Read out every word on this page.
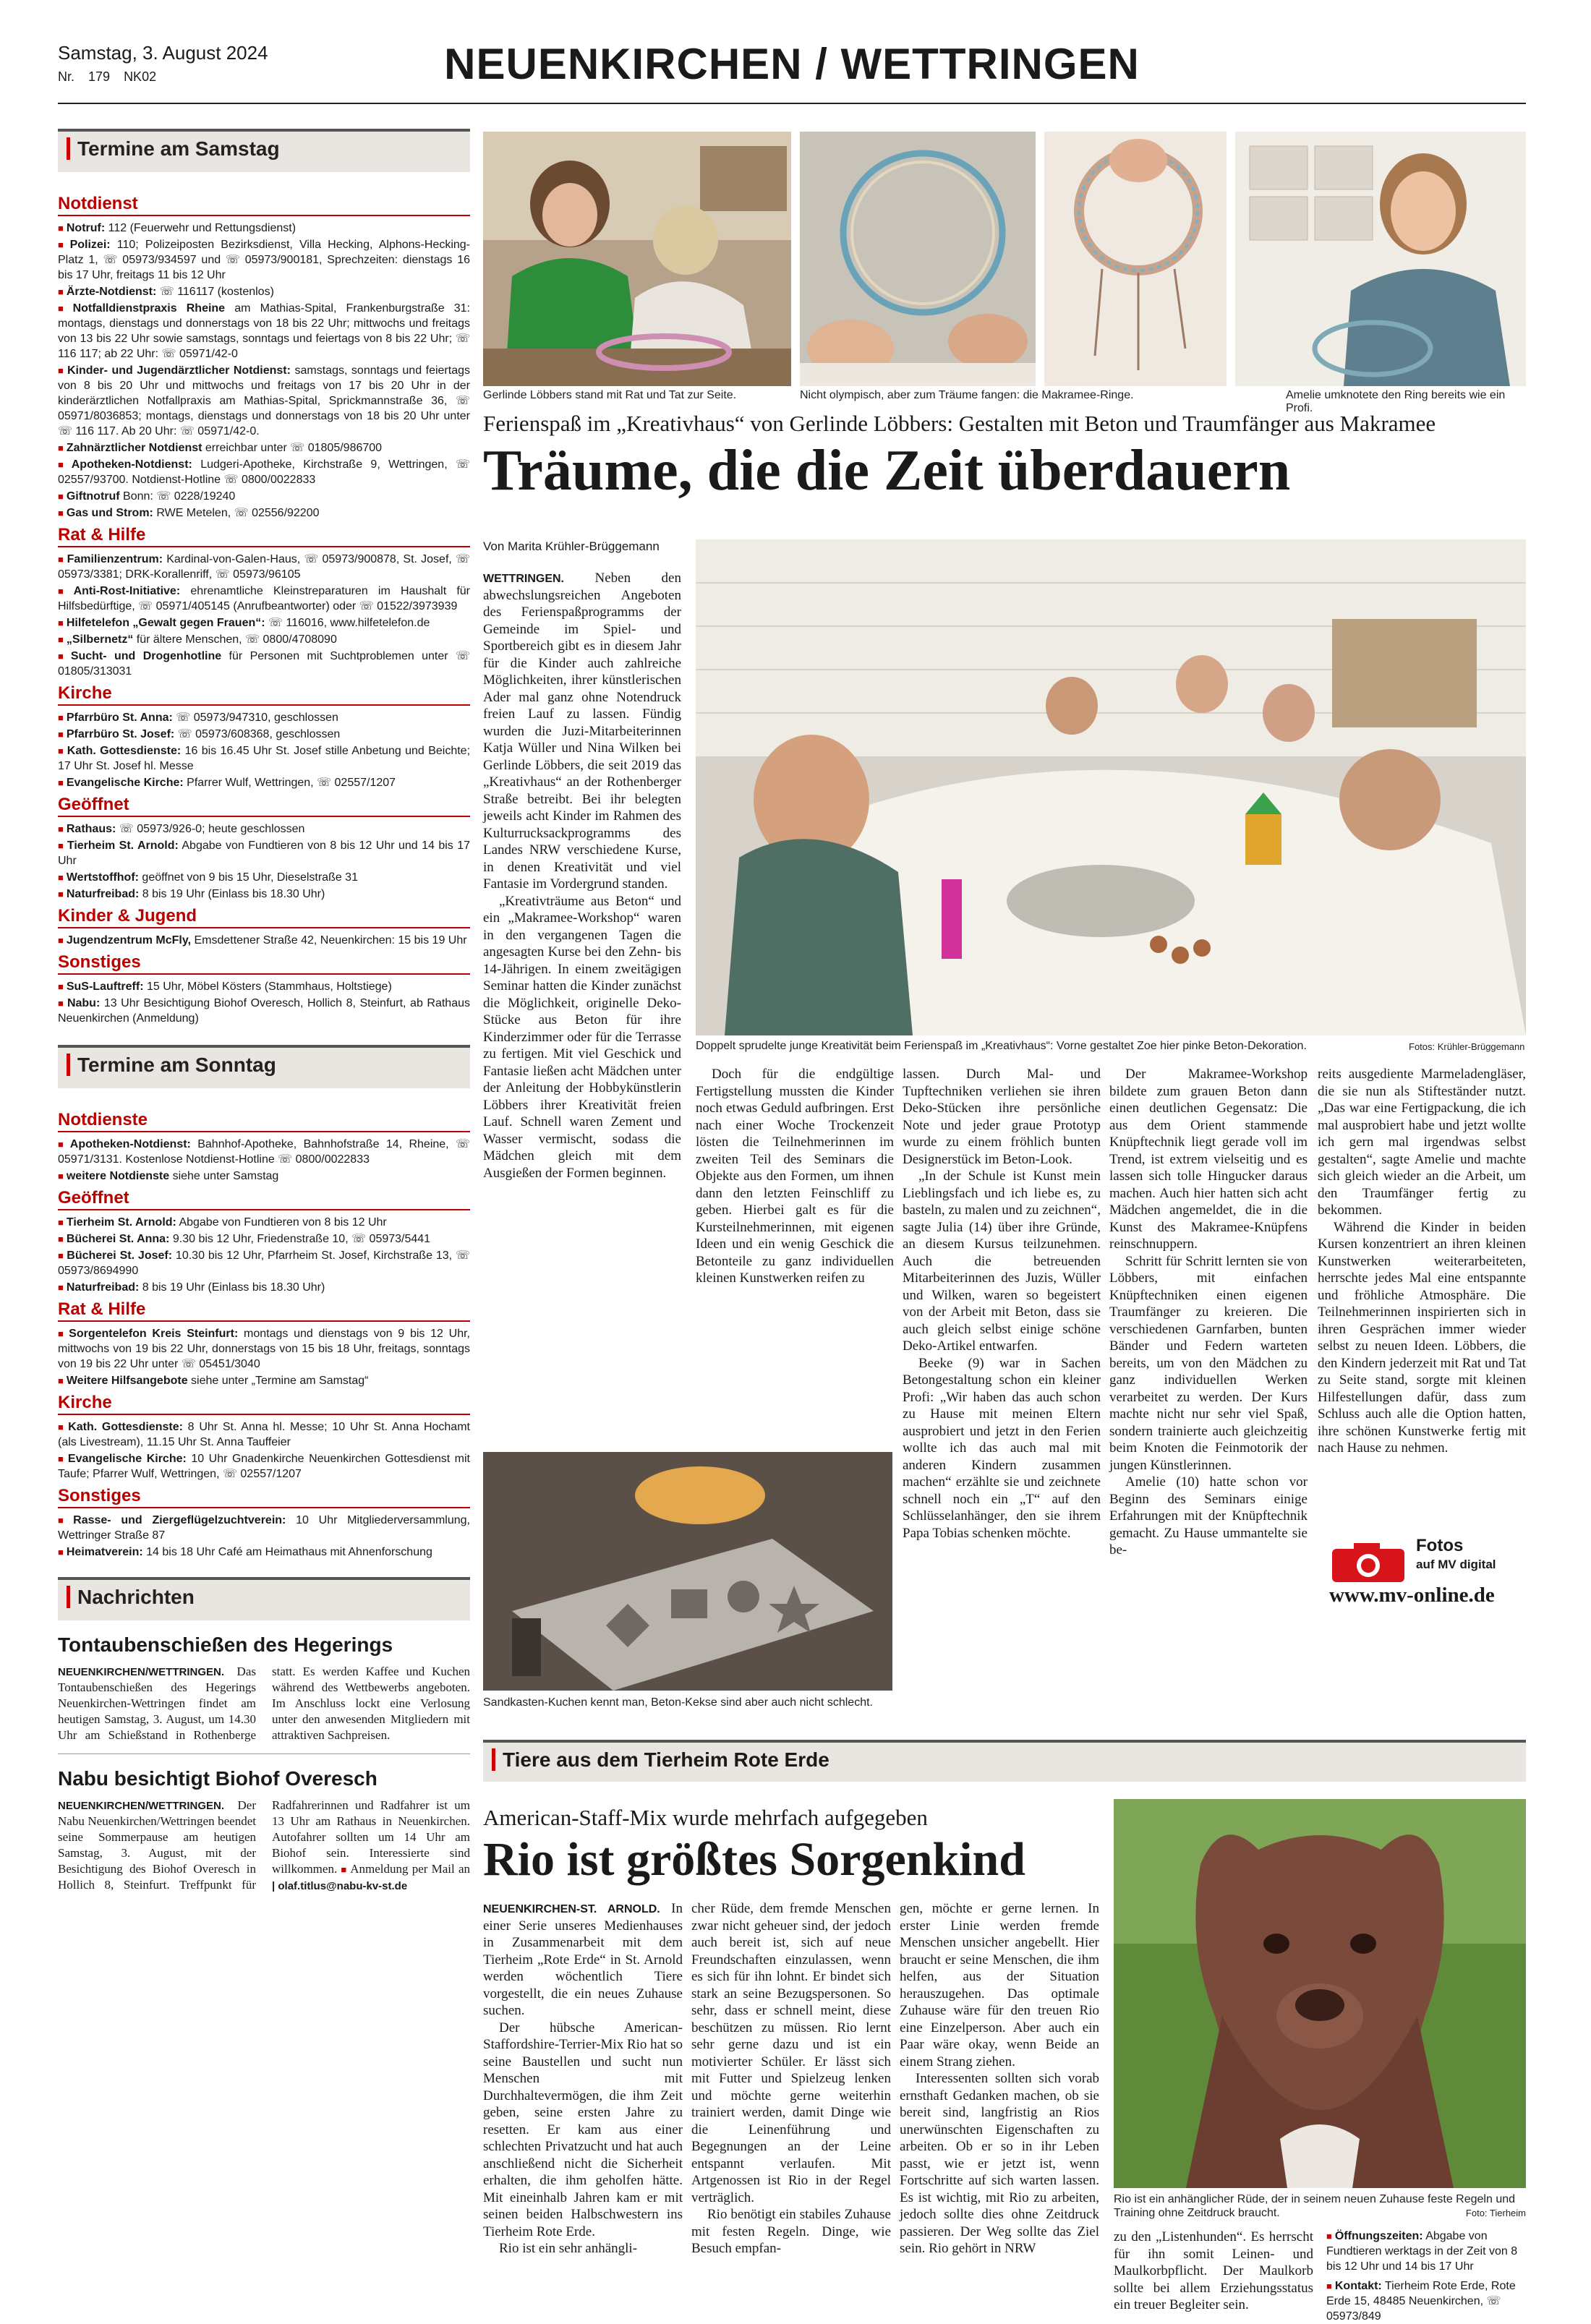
Samstag, 3. August 2024
Nr. 179 NK02	NEUENKIRCHEN / WETTRINGEN
Termine am Samstag
Notdienst
■ Notruf: 112 (Feuerwehr und Rettungsdienst)
■ Polizei: 110; Polizeiposten Bezirksdienst, Villa Hecking, Alphons-Hecking-Platz 1, ☏ 05973/934597 und ☏ 05973/900181, Sprechzeiten: dienstags 16 bis 17 Uhr, freitags 11 bis 12 Uhr
■ Ärzte-Notdienst: ☏ 116117 (kostenlos)
■ Notfalldienstpraxis Rheine am Mathias-Spital, Frankenburgstraße 31: montags, dienstags und donnerstags von 18 bis 22 Uhr; mittwochs und freitags von 13 bis 22 Uhr sowie samstags, sonntags und feiertags von 8 bis 22 Uhr; ☏ 116 117; ab 22 Uhr: ☏ 05971/42-0
■ Kinder- und Jugendärztlicher Notdienst: samstags, sonntags und feiertags von 8 bis 20 Uhr und mittwochs und freitags von 17 bis 20 Uhr in der kinderärztlichen Notfallpraxis am Mathias-Spital, Sprickmannstraße 36, ☏ 05971/8036853; montags, dienstags und donnerstags von 18 bis 20 Uhr unter ☏ 116 117. Ab 20 Uhr: ☏ 05971/42-0.
■ Zahnärztlicher Notdienst erreichbar unter ☏ 01805/986700
■ Apotheken-Notdienst: Ludgeri-Apotheke, Kirchstraße 9, Wettringen, ☏ 02557/93700. Notdienst-Hotline ☏ 0800/0022833
■ Giftnotruf Bonn: ☏ 0228/19240
■ Gas und Strom: RWE Metelen, ☏ 02556/92200
Rat & Hilfe
■ Familienzentrum: Kardinal-von-Galen-Haus, ☏ 05973/900878, St. Josef, ☏ 05973/3381; DRK-Korallenriff, ☏ 05973/96105
■ Anti-Rost-Initiative: ehrenamtliche Kleinstreparaturen im Haushalt für Hilfsbedürftige, ☏ 05971/405145 (Anrufbeantworter) oder ☏ 01522/3973939
■ Hilfetelefon „Gewalt gegen Frauen“: ☏ 116016, www.hilfetelefon.de
■ „Silbernetz“ für ältere Menschen, ☏ 0800/4708090
■ Sucht- und Drogenhotline für Personen mit Suchtproblemen unter ☏ 01805/313031
Kirche
■ Pfarrbüro St. Anna: ☏ 05973/947310, geschlossen
■ Pfarrbüro St. Josef: ☏ 05973/608368, geschlossen
■ Kath. Gottesdienste: 16 bis 16.45 Uhr St. Josef stille Anbetung und Beichte; 17 Uhr St. Josef hl. Messe
■ Evangelische Kirche: Pfarrer Wulf, Wettringen, ☏ 02557/1207
Geöffnet
■ Rathaus: ☏ 05973/926-0; heute geschlossen
■ Tierheim St. Arnold: Abgabe von Fundtieren von 8 bis 12 Uhr und 14 bis 17 Uhr
■ Wertstoffhof: geöffnet von 9 bis 15 Uhr, Dieselstraße 31
■ Naturfreibad: 8 bis 19 Uhr (Einlass bis 18.30 Uhr)
Kinder & Jugend
■ Jugendzentrum McFly, Emsdettener Straße 42, Neuenkirchen: 15 bis 19 Uhr
Sonstiges
■ SuS-Lauftreff: 15 Uhr, Möbel Kösters (Stammhaus, Holtstiege)
■ Nabu: 13 Uhr Besichtigung Biohof Overesch, Hollich 8, Steinfurt, ab Rathaus Neuenkirchen (Anmeldung)
Termine am Sonntag
Notdienste
■ Apotheken-Notdienst: Bahnhof-Apotheke, Bahnhofstraße 14, Rheine, ☏ 05971/3131. Kostenlose Notdienst-Hotline ☏ 0800/0022833
■ weitere Notdienste siehe unter Samstag
Geöffnet
■ Tierheim St. Arnold: Abgabe von Fundtieren von 8 bis 12 Uhr
■ Bücherei St. Anna: 9.30 bis 12 Uhr, Friedenstraße 10, ☏ 05973/5441
■ Bücherei St. Josef: 10.30 bis 12 Uhr, Pfarrheim St. Josef, Kirchstraße 13, ☏ 05973/8694990
■ Naturfreibad: 8 bis 19 Uhr (Einlass bis 18.30 Uhr)
Rat & Hilfe
■ Sorgentelefon Kreis Steinfurt: montags und dienstags von 9 bis 12 Uhr, mittwochs von 19 bis 22 Uhr, donnerstags von 15 bis 18 Uhr, freitags, sonntags von 19 bis 22 Uhr unter ☏ 05451/3040
■ Weitere Hilfsangebote siehe unter „Termine am Samstag“
Kirche
■ Kath. Gottesdienste: 8 Uhr St. Anna hl. Messe; 10 Uhr St. Anna Hochamt (als Livestream), 11.15 Uhr St. Anna Tauffeier
■ Evangelische Kirche: 10 Uhr Gnadenkirche Neuenkirchen Gottesdienst mit Taufe; Pfarrer Wulf, Wettringen, ☏ 02557/1207
Sonstiges
■ Rasse- und Ziergeflügelzuchtverein: 10 Uhr Mitgliederversammlung, Wettringer Straße 87
■ Heimatverein: 14 bis 18 Uhr Café am Heimathaus mit Ahnenforschung
Nachrichten
Tontaubenschießen des Hegerings
NEUENKIRCHEN/WETTRINGEN. Das Tontaubenschießen des Hegerings Neuenkirchen-Wettringen findet am heutigen Samstag, 3. August, um 14.30 Uhr am Schießstand in Rothenberge statt. Es werden Kaffee und Kuchen während des Wettbewerbs angeboten. Im Anschluss lockt eine Verlosung unter den anwesenden Mitgliedern mit attraktiven Sachpreisen.
Nabu besichtigt Biohof Overesch
NEUENKIRCHEN/WETTRINGEN. Der Nabu Neuenkirchen/Wettringen beendet seine Sommerpause am heutigen Samstag, 3. August, mit der Besichtigung des Biohof Overesch in Hollich 8, Steinfurt. Treffpunkt für Radfahrerinnen und Radfahrer ist um 13 Uhr am Rathaus in Neuenkirchen. Autofahrer sollten um 14 Uhr am Biohof sein. Interessierte sind willkommen. ■ Anmeldung per Mail an | olaf.titlus@nabu-kv-st.de
Gerlinde Löbbers stand mit Rat und Tat zur Seite.	Nicht olympisch, aber zum Träume fangen: die Makramee-Ringe.	Amelie umknotete den Ring bereits wie ein Profi.
Ferienspaß im „Kreativhaus“ von Gerlinde Löbbers: Gestalten mit Beton und Traumfänger aus Makramee
Träume, die die Zeit überdauern
Von Marita Krühler-Brüggemann

WETTRINGEN. Neben den abwechslungsreichen Angeboten des Ferienspaßprogramms der Gemeinde im Spiel- und Sportbereich gibt es in diesem Jahr für die Kinder auch zahlreiche Möglichkeiten, ihrer künstlerischen Ader mal ganz ohne Notendruck freien Lauf zu lassen. Fündig wurden die Juzi-Mitarbeiterinnen Katja Wüller und Nina Wilken bei Gerlinde Löbbers, die seit 2019 das „Kreativhaus“ an der Rothenberger Straße betreibt. Bei ihr belegten jeweils acht Kinder im Rahmen des Kulturrucksackprogramms des Landes NRW verschiedene Kurse, in denen Kreativität und viel Fantasie im Vordergrund standen.

„Kreativträume aus Beton“ und ein „Makramee-Workshop“ waren in den vergangenen Tagen die angesagten Kurse bei den Zehn- bis 14-Jährigen. In einem zweitägigen Seminar hatten die Kinder zunächst die Möglichkeit, originelle Deko-Stücke aus Beton für ihre Kinderzimmer oder für die Terrasse zu fertigen. Mit viel Geschick und Fantasie ließen acht Mädchen unter der Anleitung der Hobbykünstlerin Löbbers ihrer Kreativität freien Lauf. Schnell waren Zement und Wasser vermischt, sodass die Mädchen gleich mit dem Ausgießen der Formen beginnen.

Doppelt sprudelte junge Kreativität beim Ferienspaß im „Kreativhaus“: Vorne gestaltet Zoe hier pinke Beton-Dekoration.	Fotos: Krühler-Brüggemann

Doch für die endgültige Fertigstellung mussten die Kinder noch etwas Geduld aufbringen. Erst nach einer Woche Trockenzeit lösten die Teilnehmerinnen im zweiten Teil des Seminars die Objekte aus den Formen, um ihnen dann den letzten Feinschliff zu geben. Hierbei galt es für die Kursteilnehmerinnen, mit eigenen Ideen und ein wenig Geschick die Betonteile zu ganz individuellen kleinen Kunstwerken reifen zu

lassen. Durch Mal- und Tupftechniken verliehen sie ihren Deko-Stücken ihre persönliche Note und jeder graue Prototyp wurde zu einem fröhlich bunten Designerstück im Beton-Look.

„In der Schule ist Kunst mein Lieblingsfach und ich liebe es, zu basteln, zu malen und zu zeichnen“, sagte Julia (14) über ihre Gründe, an diesem Kursus teilzunehmen. Auch die betreuenden Mitarbeiterinnen des Juzis, Wüller und Wilken, waren so begeistert von der Arbeit mit Beton, dass sie auch gleich selbst einige schöne Deko-Artikel entwarfen.

Beeke (9) war in Sachen Betongestaltung schon ein kleiner Profi: „Wir haben das auch schon zu Hause mit meinen Eltern ausprobiert und jetzt in den Ferien wollte ich das auch mal mit anderen Kindern zusammen machen“ erzählte sie und zeichnete schnell noch ein „T“ auf den Schlüsselanhänger, den sie ihrem Papa Tobias schenken möchte.

Der Makramee-Workshop bildete zum grauen Beton dann einen deutlichen Gegensatz: Die aus dem Orient stammende Knüpftechnik liegt gerade voll im Trend, ist extrem vielseitig und es lassen sich tolle Hingucker daraus machen. Auch hier hatten sich acht Mädchen angemeldet, die in die Kunst des Makramee-Knüpfens reinschnuppern.

Schritt für Schritt lernten sie von Löbbers, mit einfachen Knüpftechniken einen eigenen Traumfänger zu kreieren. Die verschiedenen Garnfarben, bunten Bänder und Federn warteten bereits, um von den Mädchen zu ganz individuellen Werken verarbeitet zu werden. Der Kurs machte nicht nur sehr viel Spaß, sondern trainierte auch gleichzeitig beim Knoten die Feinmotorik der jungen Künstlerinnen.

Amelie (10) hatte schon vor Beginn des Seminars einige Erfahrungen mit der Knüpftechnik gemacht. Zu Hause ummantelte sie be-

reits ausgediente Marmeladengläser, die sie nun als Stifteständer nutzt. „Das war eine Fertigpackung, die ich mal ausprobiert habe und jetzt wollte ich gern mal irgendwas selbst gestalten“, sagte Amelie und machte sich gleich wieder an die Arbeit, um den Traumfänger fertig zu bekommen.

Während die Kinder in beiden Kursen konzentriert an ihren kleinen Kunstwerken weiterarbeiteten, herrschte jedes Mal eine entspannte und fröhliche Atmosphäre. Die Teilnehmerinnen inspirierten sich in ihren Gesprächen immer wieder selbst zu neuen Ideen. Löbbers, die den Kindern jederzeit mit Rat und Tat zu Seite stand, sorgte mit kleinen Hilfestellungen dafür, dass zum Schluss auch alle die Option hatten, ihre schönen Kunstwerke fertig mit nach Hause zu nehmen.

Sandkasten-Kuchen kennt man, Beton-Kekse sind aber auch nicht schlecht.
Fotos
auf MV digital
www.mv-online.de
Tiere aus dem Tierheim Rote Erde
American-Staff-Mix wurde mehrfach aufgegeben
Rio ist größtes Sorgenkind

NEUENKIRCHEN-ST. ARNOLD. In einer Serie unseres Medienhauses in Zusammenarbeit mit dem Tierheim „Rote Erde“ in St. Arnold werden wöchentlich Tiere vorgestellt, die ein neues Zuhause suchen.

Der hübsche American-Staffordshire-Terrier-Mix Rio hat so seine Baustellen und sucht nun Menschen mit Durchhaltevermögen, die ihm Zeit geben, seine ersten Jahre zu resetten. Er kam aus einer schlechten Privatzucht und hat auch anschließend nicht die Sicherheit erhalten, die ihm geholfen hätte. Mit eineinhalb Jahren kam er mit seinen beiden Halbschwestern ins Tierheim Rote Erde.

Rio ist ein sehr anhängli-

cher Rüde, dem fremde Menschen zwar nicht geheuer sind, der jedoch auch bereit ist, sich auf neue Freundschaften einzulassen, wenn es sich für ihn lohnt. Er bindet sich stark an seine Bezugspersonen. So sehr, dass er schnell meint, diese beschützen zu müssen. Rio lernt sehr gerne dazu und ist ein motivierter Schüler. Er lässt sich mit Futter und Spielzeug lenken und möchte gerne weiterhin trainiert werden, damit Dinge wie die Leinenführung und Begegnungen an der Leine entspannt verlaufen. Mit Artgenossen ist Rio in der Regel verträglich.

Rio benötigt ein stabiles Zuhause mit festen Regeln. Dinge, wie Besuch empfan-

gen, möchte er gerne lernen. In erster Linie werden fremde Menschen unsicher angebellt. Hier braucht er seine Menschen, die ihm helfen, aus der Situation herauszugehen. Das optimale Zuhause wäre für den treuen Rio eine Einzelperson. Aber auch ein Paar wäre okay, wenn Beide an einem Strang ziehen.

Interessenten sollten sich vorab ernsthaft Gedanken machen, ob sie bereit sind, langfristig an Rios unerwünschten Eigenschaften zu arbeiten. Ob er so in ihr Leben passt, wie er jetzt ist, wenn Fortschritte auf sich warten lassen. Es ist wichtig, mit Rio zu arbeiten, jedoch sollte dies ohne Zeitdruck passieren. Der Weg sollte das Ziel sein. Rio gehört in NRW

Rio ist ein anhänglicher Rüde, der in seinem neuen Zuhause feste Regeln und Training ohne Zeitdruck braucht.	Foto: Tierheim

zu den „Listenhunden“. Es herrscht für ihn somit Leinen- und Maulkorbpflicht. Der Maulkorb sollte bei allem Erziehungsstatus ein treuer Begleiter sein.

■ Öffnungszeiten: Abgabe von Fundtieren werktags in der Zeit von 8 bis 12 Uhr und 14 bis 17 Uhr
■ Kontakt: Tierheim Rote Erde, Rote Erde 15, 48485 Neuenkirchen, ☏ 05973/849
